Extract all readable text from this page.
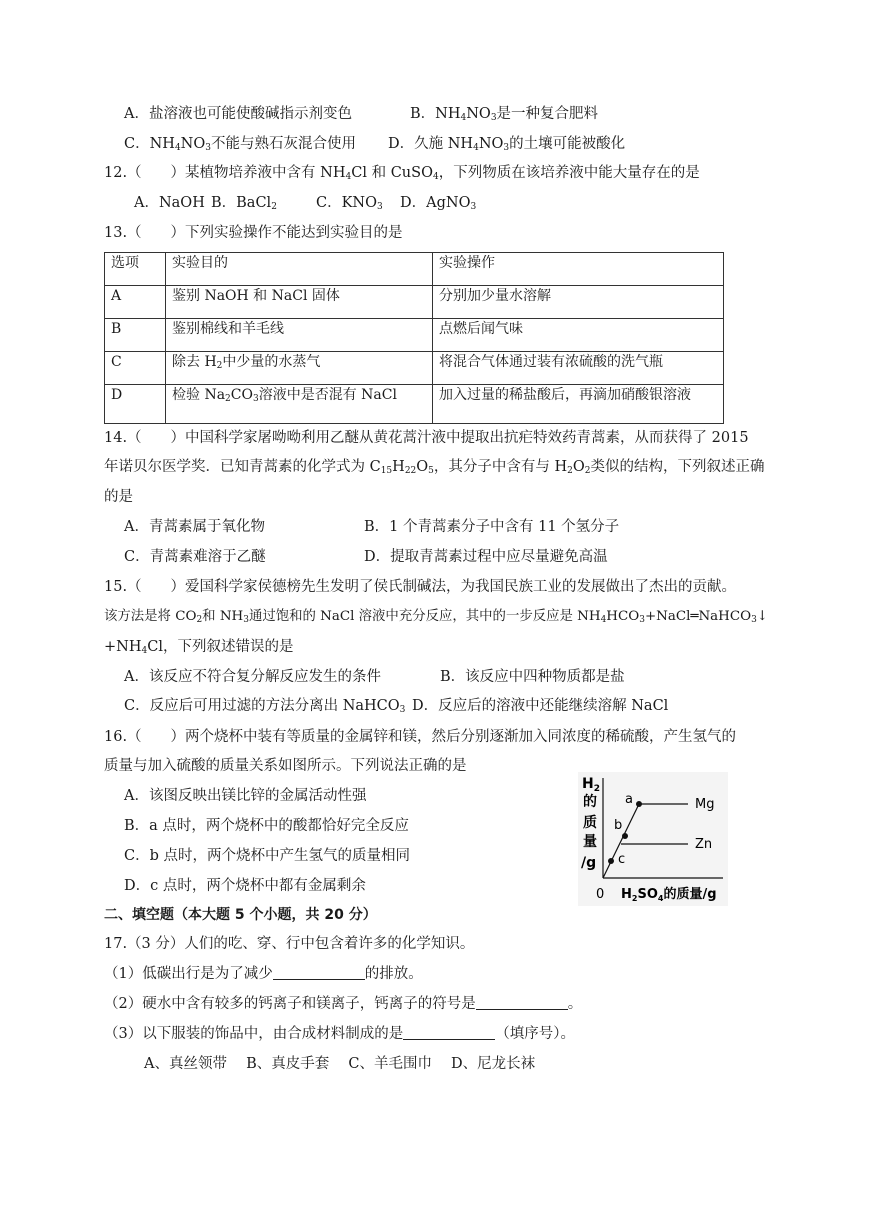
A．盐溶液也可能使酸碱指示剂变色	B．$NH_4NO_3$是一种复合肥料
C．$NH_4NO_3$不能与熟石灰混合使用 D．久施 $NH_4NO_3$的土壤可能被酸化
12.（　　）某植物培养液中含有 $NH_4Cl$ 和 CuSO$_4$，下列物质在该培养液中能大量存在的是
A．NaOH B．BaCl$_2$	C．$KNO_3$ D．AgNO$_3$
13.（　　）下列实验操作不能达到实验目的是
选项	实验目的	实验操作
A	鉴别 NaOH 和 NaCl 固体	分别加少量水溶解
B	鉴别棉线和羊毛线	点燃后闻气味
C	除去 $H_2$中少量的水蒸气	将混合气体通过装有浓硫酸的洗气瓶
D	检验 $Na_2CO_3$溶液中是否混有 NaCl	加入过量的稀盐酸后，再滴加硝酸银溶液
14.（　　）中国科学家屠呦呦利用乙醚从黄花蒿汁液中提取出抗疟特效药青蒿素，从而获得了 2015
年诺贝尔医学奖．已知青蒿素的化学式为 $C_{15}H_{22}O_5$，其分子中含有与 $H_2O_2$类似的结构，下列叙述正确
的是
A．青蒿素属于氧化物	B．1 个青蒿素分子中含有 11 个氢分子
C．青蒿素难溶于乙醚	D．提取青蒿素过程中应尽量避免高温
15.（　　）爱国科学家侯德榜先生发明了侯氏制碱法，为我国民族工业的发展做出了杰出的贡献。
该方法是将 $CO_2$和 $NH_3$通过饱和的 NaCl 溶液中充分反应，其中的一步反应是 $NH_4HCO_3+NaCl═NaHCO_3↓$
$+NH_4Cl$，下列叙述错误的是
A．该反应不符合复分解反应发生的条件	B．该反应中四种物质都是盐
C．反应后可用过滤的方法分离出 NaHCO$_3$ D．反应后的溶液中还能继续溶解 NaCl
16.（　　）两个烧杯中装有等质量的金属锌和镁，然后分别逐渐加入同浓度的稀硫酸，产生氢气的
质量与加入硫酸的质量关系如图所示。下列说法正确的是
A．该图反映出镁比锌的金属活动性强
B．a 点时，两个烧杯中的酸都恰好完全反应
C．b 点时，两个烧杯中产生氢气的质量相同
D．c 点时，两个烧杯中都有金属剩余
$H_2$
的
质
量
/g
a
b
c
Mg
Zn
0 $H_2SO_4$的质量/g
二、填空题（本大题 5 个小题，共 20 分）
17.（3 分）人们的吃、穿、行中包含着许多的化学知识。
（1）低碳出行是为了减少	的排放。
（2）硬水中含有较多的钙离子和镁离子，钙离子的符号是	。
（3）以下服装的饰品中，由合成材料制成的是	（填序号）。
A、真丝领带　 B、真皮手套　 C、羊毛围巾　 D、尼龙长袜
